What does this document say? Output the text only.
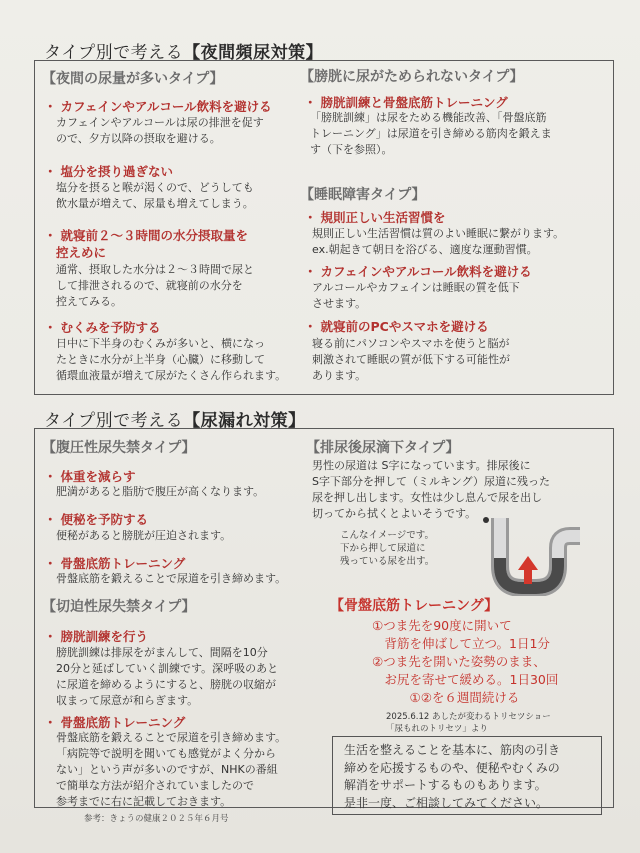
タイプ別で考える【夜間頻尿対策】
【夜間の尿量が多いタイプ】
・ カフェインやアルコール飲料を避ける
カフェインやアルコールは尿の排泄を促す
ので、夕方以降の摂取を避ける。
・ 塩分を摂り過ぎない
塩分を摂ると喉が渇くので、どうしても
飲水量が増えて、尿量も増えてしまう。
・ 就寝前２～３時間の水分摂取量を
控えめに
通常、摂取した水分は２～３時間で尿と
して排泄されるので、就寝前の水分を
控えてみる。
・ むくみを予防する
日中に下半身のむくみが多いと、横になっ
たときに水分が上半身（心臓）に移動して
循環血液量が増えて尿がたくさん作られます。
【膀胱に尿がためられないタイプ】
・ 膀胱訓練と骨盤底筋トレーニング
「膀胱訓練」は尿をためる機能改善、「骨盤底筋
トレーニング」は尿道を引き締める筋肉を鍛えま
す（下を参照）。
【睡眠障害タイプ】
・ 規則正しい生活習慣を
規則正しい生活習慣は質のよい睡眠に繋がります。
ex.朝起きて朝日を浴びる、適度な運動習慣。
・ カフェインやアルコール飲料を避ける
アルコールやカフェインは睡眠の質を低下
させます。
・ 就寝前のPCやスマホを避ける
寝る前にパソコンやスマホを使うと脳が
刺激されて睡眠の質が低下する可能性が
あります。
タイプ別で考える【尿漏れ対策】
【腹圧性尿失禁タイプ】
・ 体重を減らす
肥満があると脂肪で腹圧が高くなります。
・ 便秘を予防する
便秘があると膀胱が圧迫されます。
・ 骨盤底筋トレーニング
骨盤底筋を鍛えることで尿道を引き締めます。
【切迫性尿失禁タイプ】
・ 膀胱訓練を行う
膀胱訓練は排尿をがまんして、間隔を10分
20分と延ばしていく訓練です。深呼吸のあと
に尿道を締めるようにすると、膀胱の収縮が
収まって尿意が和らぎます。
・ 骨盤底筋トレーニング
骨盤底筋を鍛えることで尿道を引き締めます。
「病院等で説明を聞いても感覚がよく分から
ない」という声が多いのですが、NHKの番組
で簡単な方法が紹介されていましたので
参考までに右に記載しておきます。
【排尿後尿滴下タイプ】
男性の尿道は S字になっています。排尿後に
S字下部分を押して（ミルキング）尿道に残った
尿を押し出します。女性は少し息んで尿を出し
切ってから拭くとよいそうです。
こんなイメージです。
下から押して尿道に
残っている尿を出す。
【骨盤底筋トレーニング】
①つま先を90度に開いて
　背筋を伸ばして立つ。1日1分
②つま先を開いた姿勢のまま、
　お尻を寄せて緩める。1日30回
　　　①②を６週間続ける
2025.6.12 あしたが変わるトリセツショー
「尿もれのトリセツ」より
生活を整えることを基本に、筋肉の引き
締めを応援するものや、便秘やむくみの
解消をサポートするものもあります。
是非一度、ご相談してみてください。
参考：きょうの健康２０２５年６月号
